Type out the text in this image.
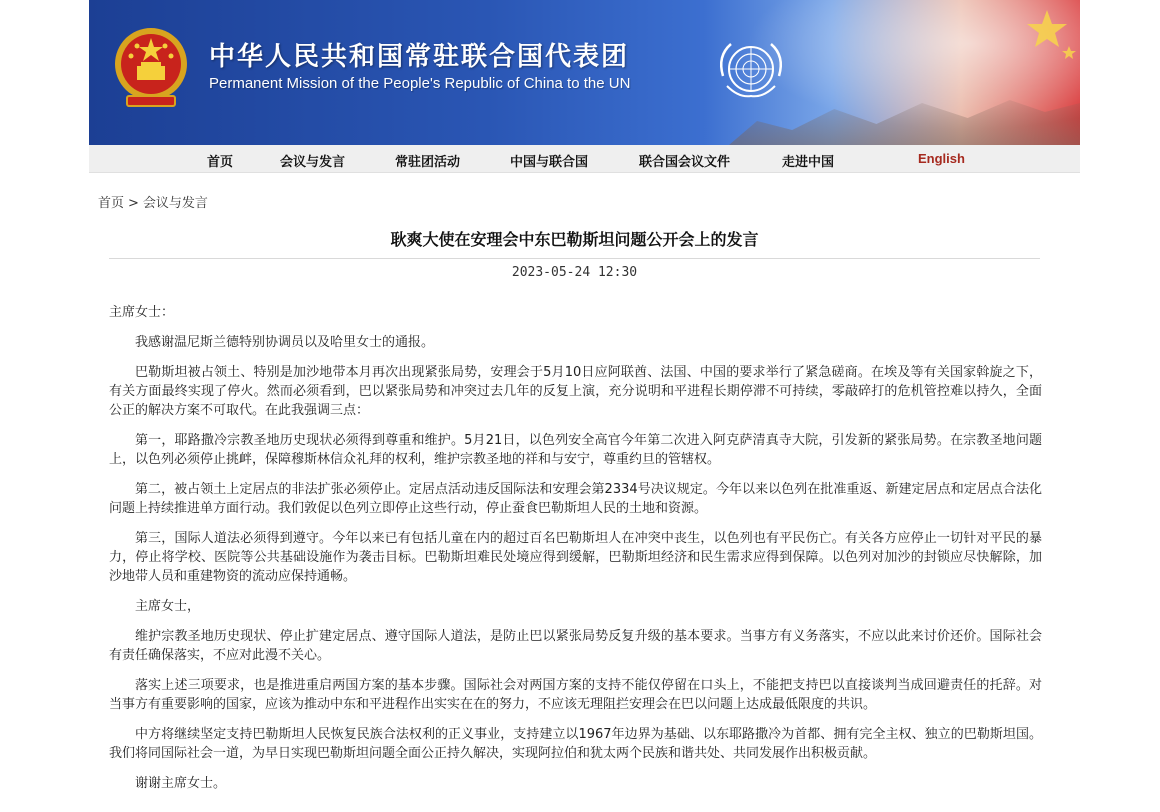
中华人民共和国常驻联合国代表团
Permanent Mission of the People's Republic of China to the UN
首页	会议与发言	常驻团活动	中国与联合国	联合国会议文件	走进中国	English
首页 > 会议与发言
耿爽大使在安理会中东巴勒斯坦问题公开会上的发言
2023-05-24 12:30

主席女士：

我感谢温尼斯兰德特别协调员以及哈里女士的通报。

巴勒斯坦被占领土、特别是加沙地带本月再次出现紧张局势，安理会于5月10日应阿联酋、法国、中国的要求举行了紧急磋商。在埃及等有关国家斡旋之下，有关方面最终实现了停火。然而必须看到，巴以紧张局势和冲突过去几年的反复上演，充分说明和平进程长期停滞不可持续，零敲碎打的危机管控难以持久，全面公正的解决方案不可取代。在此我强调三点：

第一，耶路撒冷宗教圣地历史现状必须得到尊重和维护。5月21日，以色列安全高官今年第二次进入阿克萨清真寺大院，引发新的紧张局势。在宗教圣地问题上，以色列必须停止挑衅，保障穆斯林信众礼拜的权利，维护宗教圣地的祥和与安宁，尊重约旦的管辖权。

第二，被占领土上定居点的非法扩张必须停止。定居点活动违反国际法和安理会第2334号决议规定。今年以来以色列在批准重返、新建定居点和定居点合法化问题上持续推进单方面行动。我们敦促以色列立即停止这些行动，停止蚕食巴勒斯坦人民的土地和资源。

第三，国际人道法必须得到遵守。今年以来已有包括儿童在内的超过百名巴勒斯坦人在冲突中丧生，以色列也有平民伤亡。有关各方应停止一切针对平民的暴力，停止将学校、医院等公共基础设施作为袭击目标。巴勒斯坦难民处境应得到缓解，巴勒斯坦经济和民生需求应得到保障。以色列对加沙的封锁应尽快解除，加沙地带人员和重建物资的流动应保持通畅。

主席女士，

维护宗教圣地历史现状、停止扩建定居点、遵守国际人道法，是防止巴以紧张局势反复升级的基本要求。当事方有义务落实，不应以此来讨价还价。国际社会有责任确保落实，不应对此漫不关心。

落实上述三项要求，也是推进重启两国方案的基本步骤。国际社会对两国方案的支持不能仅停留在口头上，不能把支持巴以直接谈判当成回避责任的托辞。对当事方有重要影响的国家，应该为推动中东和平进程作出实实在在的努力，不应该无理阻拦安理会在巴以问题上达成最低限度的共识。

中方将继续坚定支持巴勒斯坦人民恢复民族合法权利的正义事业，支持建立以1967年边界为基础、以东耶路撒冷为首都、拥有完全主权、独立的巴勒斯坦国。我们将同国际社会一道，为早日实现巴勒斯坦问题全面公正持久解决，实现阿拉伯和犹太两个民族和谐共处、共同发展作出积极贡献。

谢谢主席女士。
